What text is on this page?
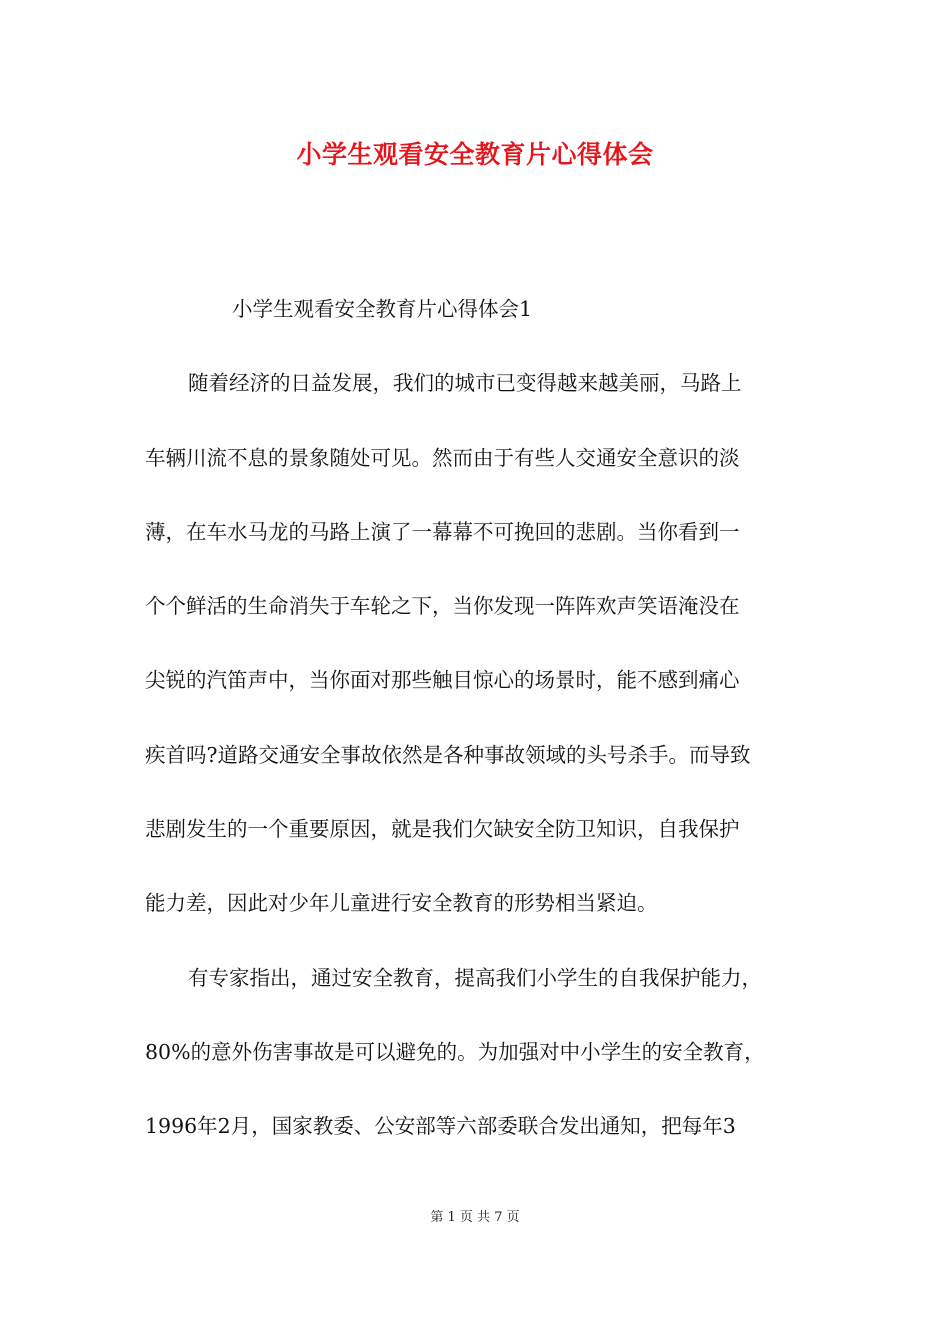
小学生观看安全教育片心得体会
小学生观看安全教育片心得体会1
随着经济的日益发展，我们的城市已变得越来越美丽，马路上
车辆川流不息的景象随处可见。然而由于有些人交通安全意识的淡
薄，在车水马龙的马路上演了一幕幕不可挽回的悲剧。当你看到一
个个鲜活的生命消失于车轮之下，当你发现一阵阵欢声笑语淹没在
尖锐的汽笛声中，当你面对那些触目惊心的场景时，能不感到痛心
疾首吗?道路交通安全事故依然是各种事故领域的头号杀手。而导致
悲剧发生的一个重要原因，就是我们欠缺安全防卫知识，自我保护
能力差，因此对少年儿童进行安全教育的形势相当紧迫。
有专家指出，通过安全教育，提高我们小学生的自我保护能力，
80%的意外伤害事故是可以避免的。为加强对中小学生的安全教育，
1996年2月，国家教委、公安部等六部委联合发出通知，把每年3
第 1 页 共 7 页
